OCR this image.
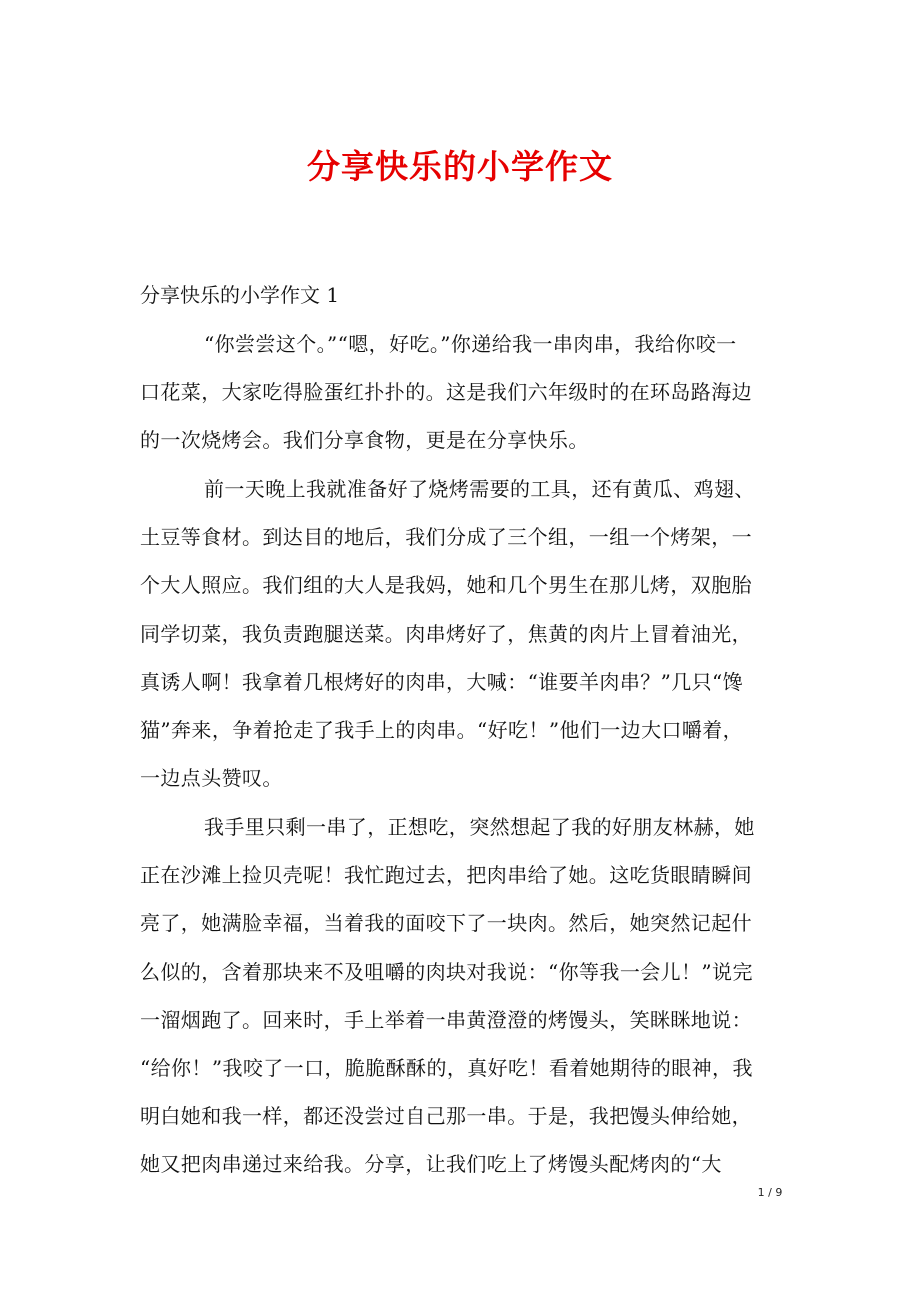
分享快乐的小学作文
分享快乐的小学作文 1

“你尝尝这个。”“嗯，好吃。”你递给我一串肉串，我给你咬一
口花菜，大家吃得脸蛋红扑扑的。这是我们六年级时的在环岛路海边
的一次烧烤会。我们分享食物，更是在分享快乐。

前一天晚上我就准备好了烧烤需要的工具，还有黄瓜、鸡翅、
土豆等食材。到达目的地后，我们分成了三个组，一组一个烤架，一
个大人照应。我们组的大人是我妈，她和几个男生在那儿烤，双胞胎
同学切菜，我负责跑腿送菜。肉串烤好了，焦黄的肉片上冒着油光，
真诱人啊！我拿着几根烤好的肉串，大喊：“谁要羊肉串？”几只“馋
猫”奔来，争着抢走了我手上的肉串。“好吃！”他们一边大口嚼着，
一边点头赞叹。

我手里只剩一串了，正想吃，突然想起了我的好朋友林赫，她
正在沙滩上捡贝壳呢！我忙跑过去，把肉串给了她。这吃货眼睛瞬间
亮了，她满脸幸福，当着我的面咬下了一块肉。然后，她突然记起什
么似的，含着那块来不及咀嚼的肉块对我说：“你等我一会儿！”说完
一溜烟跑了。回来时，手上举着一串黄澄澄的烤馒头，笑眯眯地说：
“给你！”我咬了一口，脆脆酥酥的，真好吃！看着她期待的眼神，我
明白她和我一样，都还没尝过自己那一串。于是，我把馒头伸给她，
她又把肉串递过来给我。分享，让我们吃上了烤馒头配烤肉的“大

1 / 9
